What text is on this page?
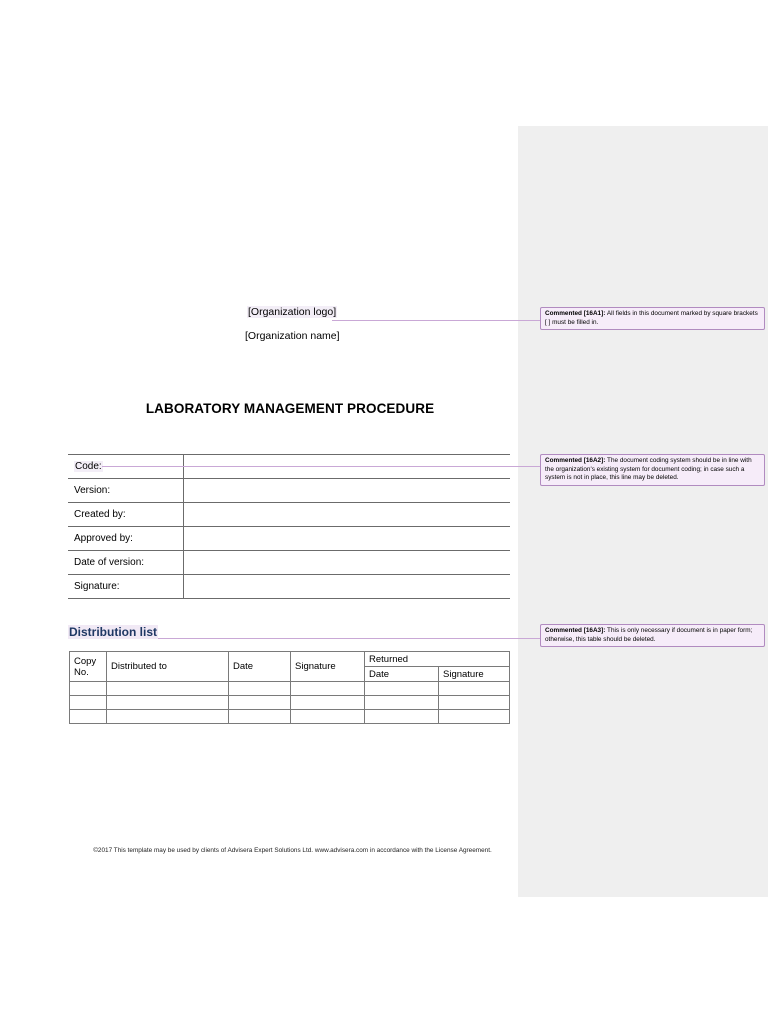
[Organization logo]
[Organization name]
LABORATORY MANAGEMENT PROCEDURE
Code:	
Version:	
Created by:	
Approved by:	
Date of version:	
Signature:	
Distribution list
Copy No.	Distributed to	Date	Signature	Returned	
				Date	Signature

Commented [16A1]: All fields in this document marked by square brackets [ ] must be filled in.
Commented [16A2]: The document coding system should be in line with the organization's existing system for document coding; in case such a system is not in place, this line may be deleted.
Commented [16A3]: This is only necessary if document is in paper form; otherwise, this table should be deleted.
©2017 This template may be used by clients of Advisera Expert Solutions Ltd. www.advisera.com in accordance with the License Agreement.
